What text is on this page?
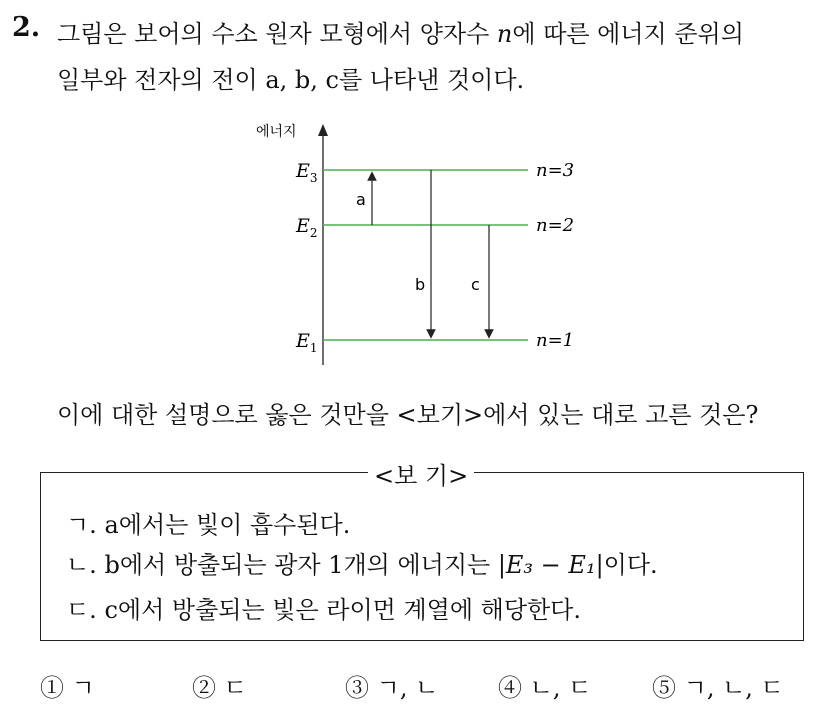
2. 그림은 보어의 수소 원자 모형에서 양자수 n에 따른 에너지 준위의
일부와 전자의 전이 a, b, c를 나타낸 것이다.
에너지
$E_3$
$E_2$
$E_1$
n=3
n=2
n=1
a
b	c
이에 대한 설명으로 옳은 것만을 <보기>에서 있는 대로 고른 것은?
<보 기>
ㄱ. a에서는 빛이 흡수된다.
ㄴ. b에서 방출되는 광자 1개의 에너지는 |E₃ − E₁|이다.
ㄷ. c에서 방출되는 빛은 라이먼 계열에 해당한다.
① ㄱ	② ㄷ	③ ㄱ, ㄴ ④ ㄴ, ㄷ	⑤ ㄱ, ㄴ, ㄷ
